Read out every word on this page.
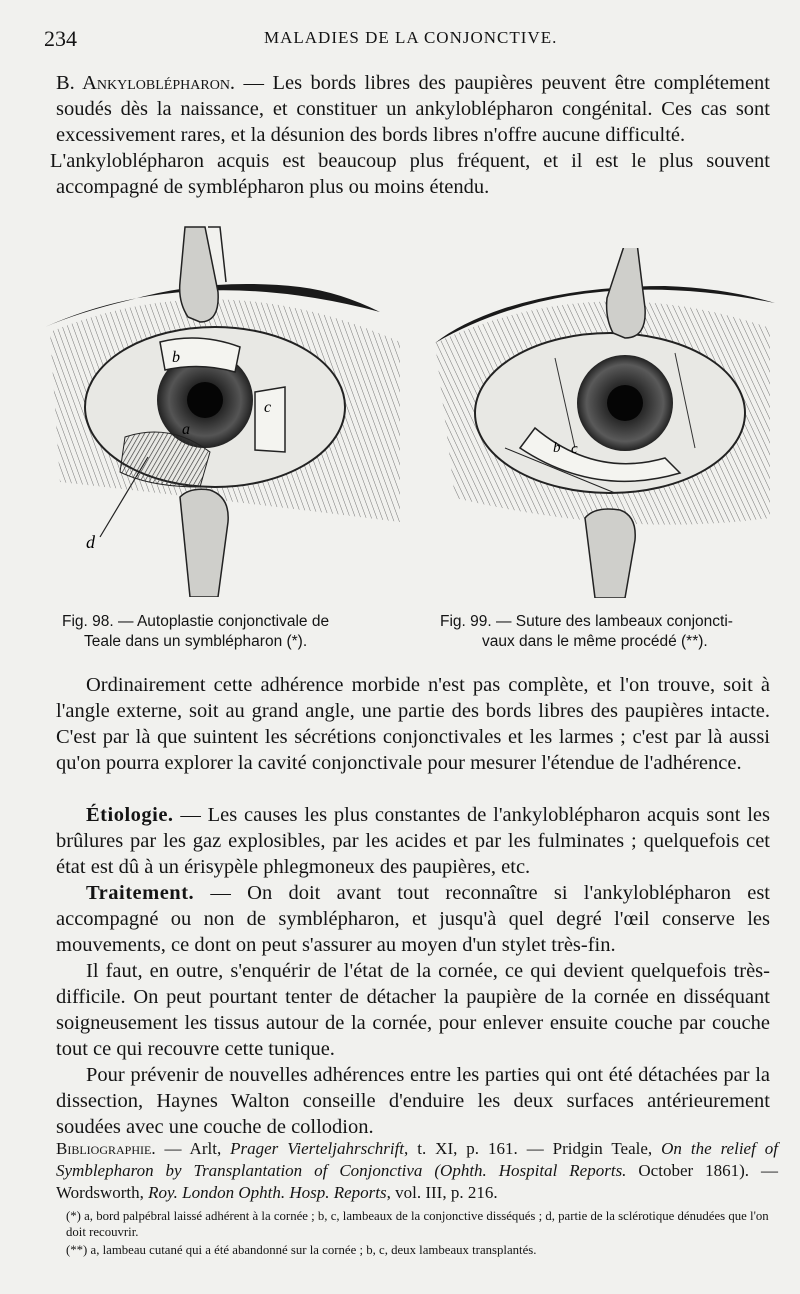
234	MALADIES DE LA CONJONCTIVE.
B. Ankyloblépharon. — Les bords libres des paupières peuvent être complétement soudés dès la naissance, et constituer un ankyloblépharon congénital. Ces cas sont excessivement rares, et la désunion des bords libres n'offre aucune difficulté.
L'ankyloblépharon acquis est beaucoup plus fréquent, et il est le plus souvent accompagné de symblépharon plus ou moins étendu.
b
c
a
d
b c
Fig. 98. — Autoplastie conjonctivale de
Teale dans un symblépharon (*).
Fig. 99. — Suture des lambeaux conjoncti-
vaux dans le même procédé (**).
Ordinairement cette adhérence morbide n'est pas complète, et l'on trouve, soit à l'angle externe, soit au grand angle, une partie des bords libres des paupières intacte. C'est par là que suintent les sécrétions conjonctivales et les larmes ; c'est par là aussi qu'on pourra explorer la cavité conjonctivale pour mesurer l'étendue de l'adhérence.
Étiologie. — Les causes les plus constantes de l'ankyloblépharon acquis sont les brûlures par les gaz explosibles, par les acides et par les fulminates ; quelquefois cet état est dû à un érisypèle phlegmoneux des paupières, etc.
Traitement. — On doit avant tout reconnaître si l'ankyloblépharon est accompagné ou non de symblépharon, et jusqu'à quel degré l'œil conserve les mouvements, ce dont on peut s'assurer au moyen d'un stylet très-fin.
Il faut, en outre, s'enquérir de l'état de la cornée, ce qui devient quelquefois très-difficile. On peut pourtant tenter de détacher la paupière de la cornée en disséquant soigneusement les tissus autour de la cornée, pour enlever ensuite couche par couche tout ce qui recouvre cette tunique.
Pour prévenir de nouvelles adhérences entre les parties qui ont été détachées par la dissection, Haynes Walton conseille d'enduire les deux surfaces antérieurement soudées avec une couche de collodion.
Bibliographie. — Arlt, Prager Vierteljahrschrift, t. XI, p. 161. — Pridgin Teale, On the relief of Symblepharon by Transplantation of Conjonctiva (Ophth. Hospital Reports. October 1861). — Wordsworth, Roy. London Ophth. Hosp. Reports, vol. III, p. 216.
(*) a, bord palpébral laissé adhérent à la cornée ; b, c, lambeaux de la conjonctive disséqués ; d, partie de la sclérotique dénudées que l'on doit recouvrir.
(**) a, lambeau cutané qui a été abandonné sur la cornée ; b, c, deux lambeaux transplantés.
